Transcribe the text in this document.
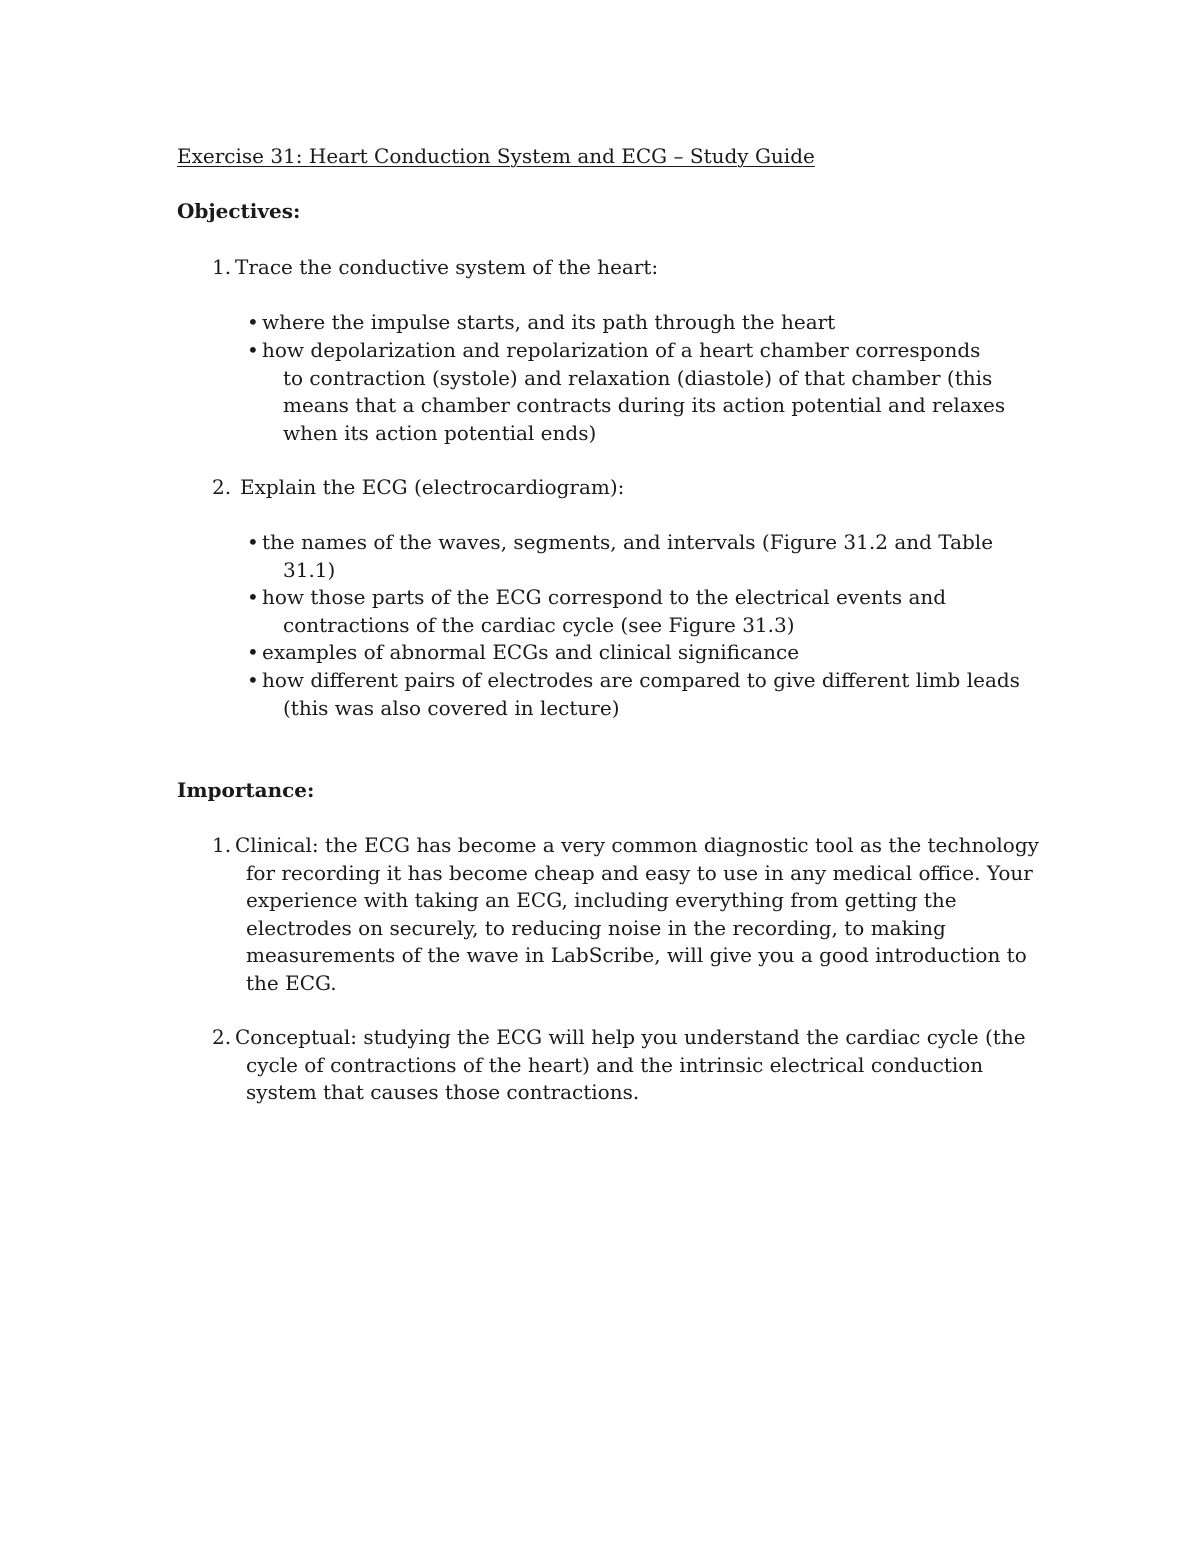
Exercise 31: Heart Conduction System and ECG – Study Guide
Objectives:
1. Trace the conductive system of the heart:
• where the impulse starts, and its path through the heart
• how depolarization and repolarization of a heart chamber corresponds
to contraction (systole) and relaxation (diastole) of that chamber (this
means that a chamber contracts during its action potential and relaxes
when its action potential ends)
2. Explain the ECG (electrocardiogram):
• the names of the waves, segments, and intervals (Figure 31.2 and Table
31.1)
• how those parts of the ECG correspond to the electrical events and
contractions of the cardiac cycle (see Figure 31.3)
• examples of abnormal ECGs and clinical significance
• how different pairs of electrodes are compared to give different limb leads
(this was also covered in lecture)
Importance:
1. Clinical: the ECG has become a very common diagnostic tool as the technology
for recording it has become cheap and easy to use in any medical office. Your
experience with taking an ECG, including everything from getting the
electrodes on securely, to reducing noise in the recording, to making
measurements of the wave in LabScribe, will give you a good introduction to
the ECG.
2. Conceptual: studying the ECG will help you understand the cardiac cycle (the
cycle of contractions of the heart) and the intrinsic electrical conduction
system that causes those contractions.
